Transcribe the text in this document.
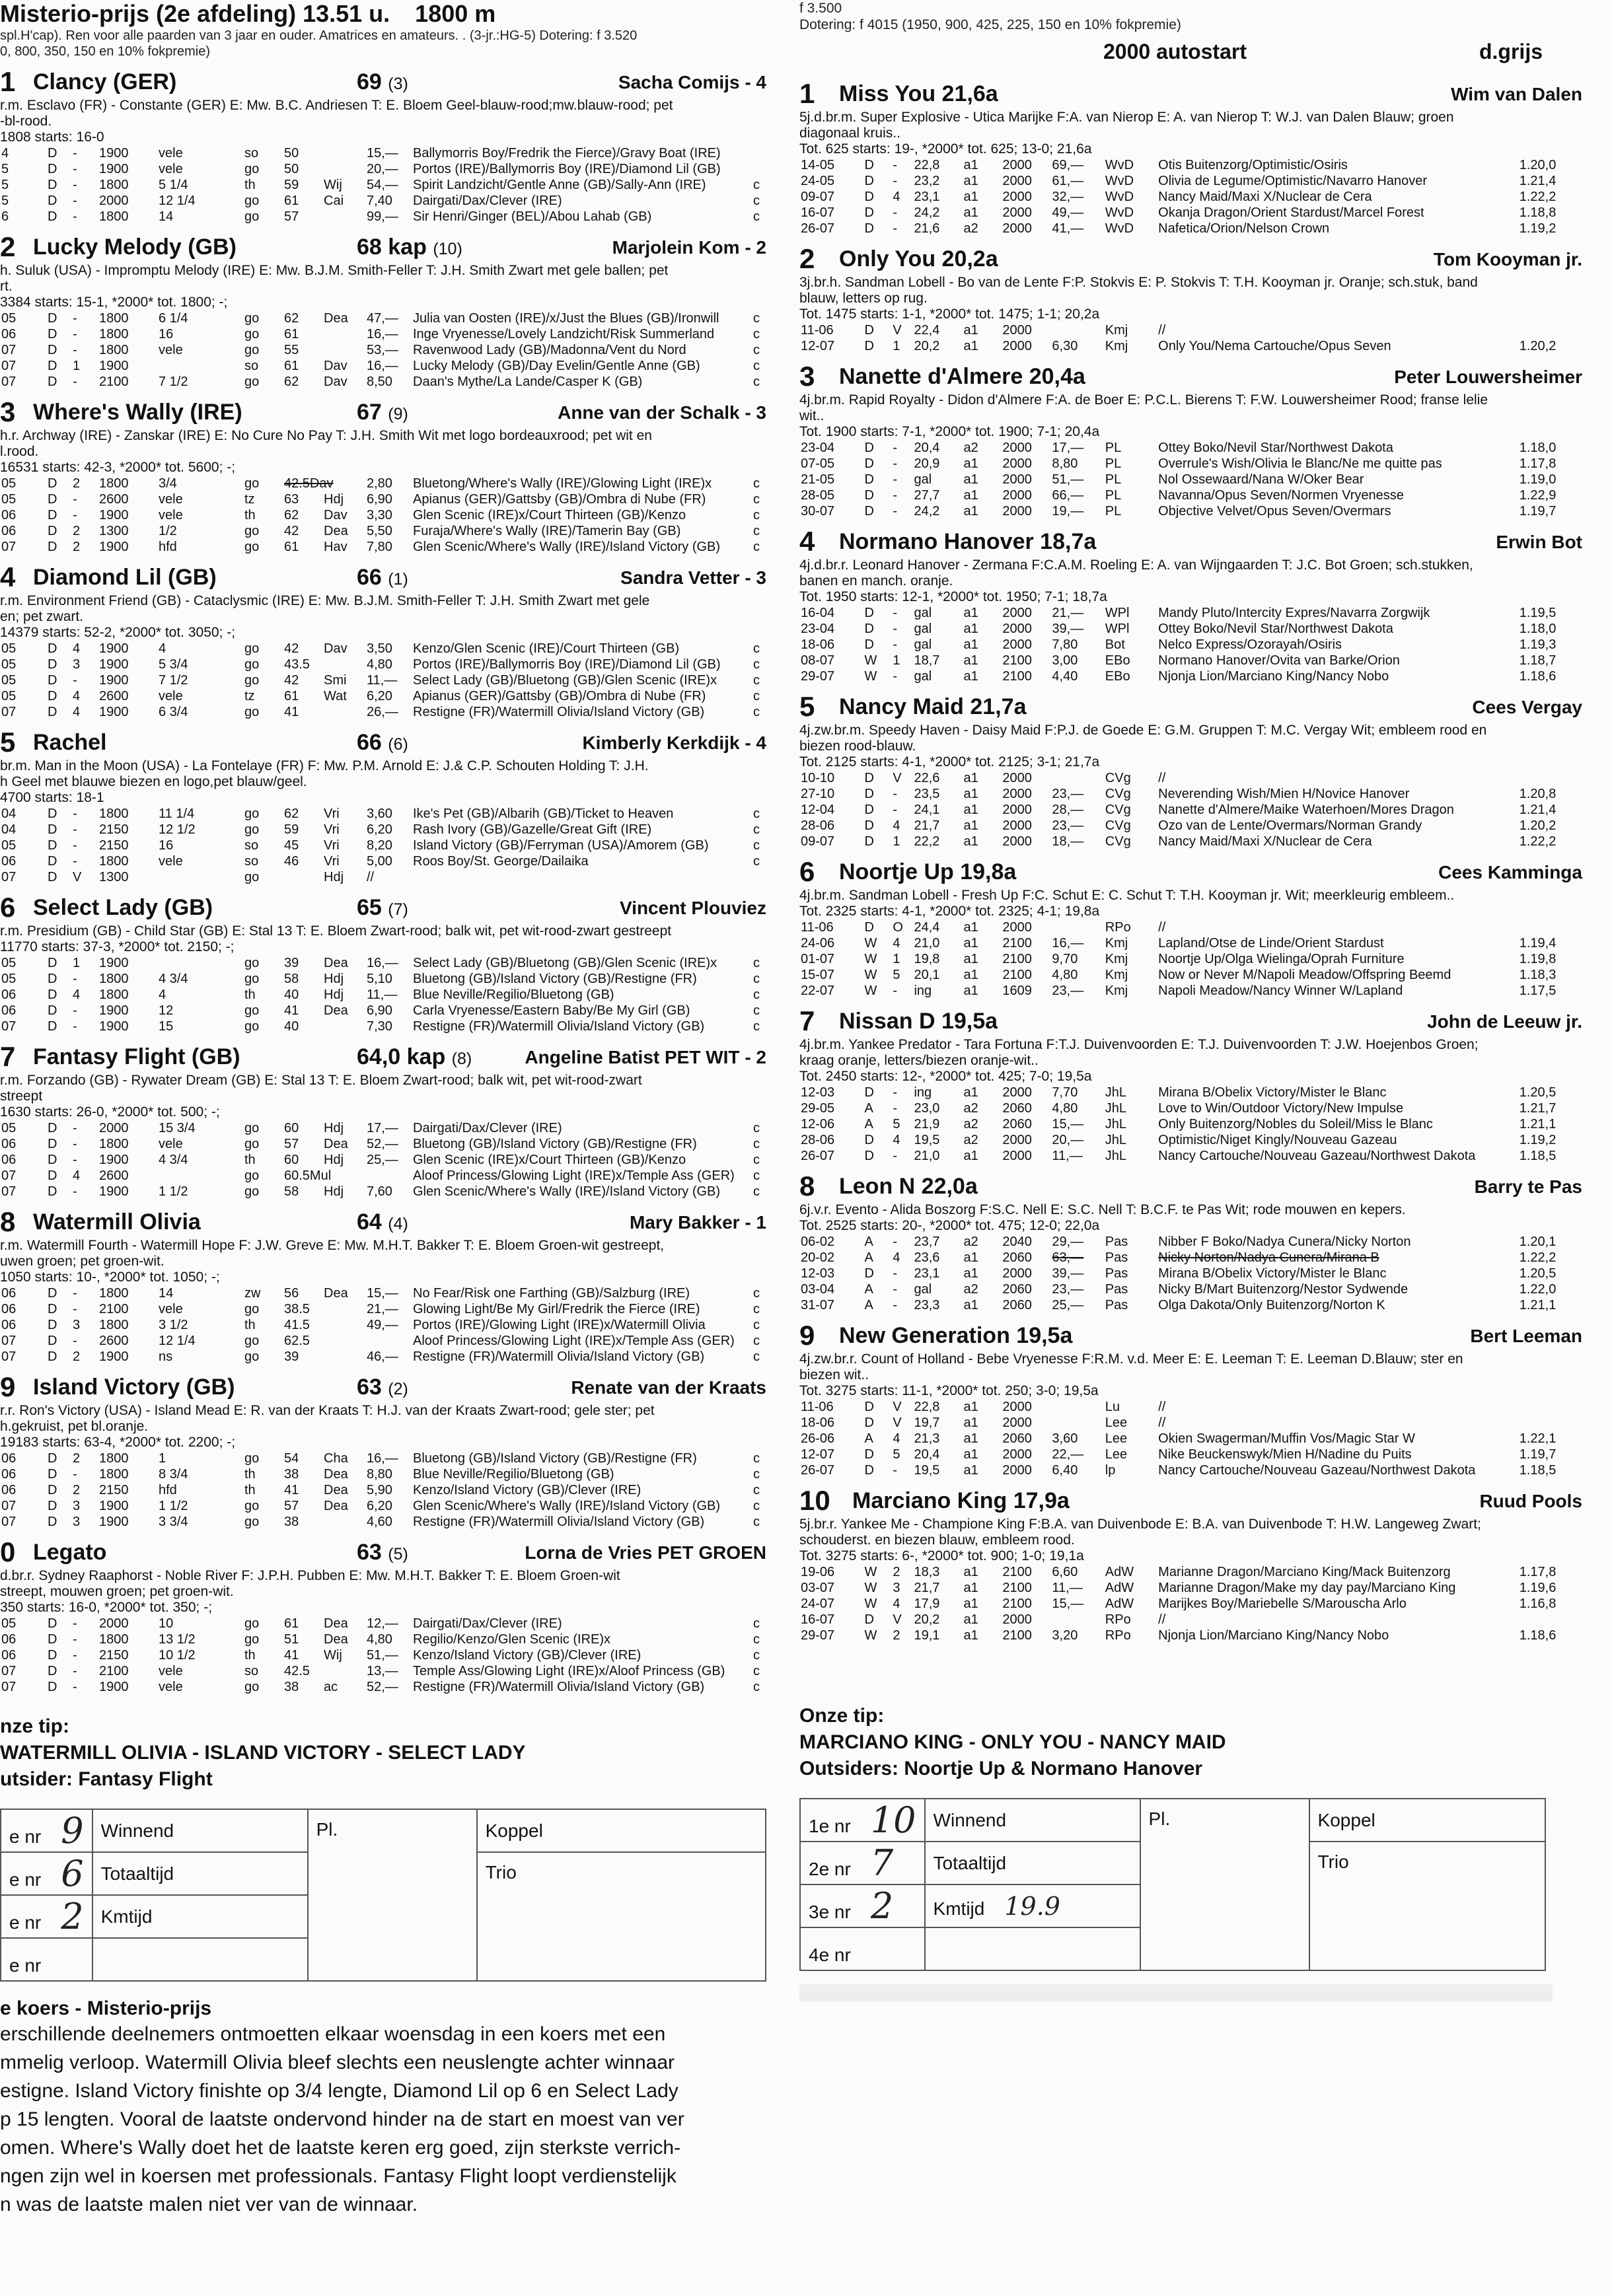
Misterio-prijs (2e afdeling) 13.51 u. 1800 m
spl.H'cap). Ren voor alle paarden van 3 jaar en ouder. Amatrices en amateurs. . (3-jr.:HG-5) Dotering: f 3.520
0, 800, 350, 150 en 10% fokpremie)
1 Clancy (GER)	69 (3)	Sacha Comijs - 4
r.m. Esclavo (FR) - Constante (GER) E: Mw. B.C. Andriesen T: E. Bloem Geel-blauw-rood;mw.blauw-rood; pet
-bl-rood.
1808 starts: 16-0
4	D	-	1900	vele	so	50		15,—	Ballymorris Boy/Fredrik the Fierce)/Gravy Boat (IRE)	
5	D	-	1900	vele	go	50		20,—	Portos (IRE)/Ballymorris Boy (IRE)/Diamond Lil (GB)	
5	D	-	1800	5 1/4	th	59	Wij	54,—	Spirit Landzicht/Gentle Anne (GB)/Sally-Ann (IRE)	c
5	D	-	2000	12 1/4	go	61	Cai	7,40	Dairgati/Dax/Clever (IRE)	c
6	D	-	1800	14	go	57		99,—	Sir Henri/Ginger (BEL)/Abou Lahab (GB)	c
2 Lucky Melody (GB)	68 kap (10)	Marjolein Kom - 2
h. Suluk (USA) - Impromptu Melody (IRE) E: Mw. B.J.M. Smith-Feller T: J.H. Smith Zwart met gele ballen; pet
rt.
3384 starts: 15-1, *2000* tot. 1800; -;
05	D	-	1800	6 1/4	go	62	Dea	47,—	Julia van Oosten (IRE)/x/Just the Blues (GB)/Ironwill	c
06	D	-	1800	16	go	61		16,—	Inge Vryenesse/Lovely Landzicht/Risk Summerland	c
07	D	-	1800	vele	go	55		53,—	Ravenwood Lady (GB)/Madonna/Vent du Nord	c
07	D	1	1900		so	61	Dav	16,—	Lucky Melody (GB)/Day Evelin/Gentle Anne (GB)	c
07	D	-	2100	7 1/2	go	62	Dav	8,50	Daan's Mythe/La Lande/Casper K (GB)	c
3 Where's Wally (IRE)	67 (9)	Anne van der Schalk - 3
h.r. Archway (IRE) - Zanskar (IRE) E: No Cure No Pay T: J.H. Smith Wit met logo bordeauxrood; pet wit en
l.rood.
16531 starts: 42-3, *2000* tot. 5600; -;
05	D	2	1800	3/4	go	42.5Dav		2,80	Bluetong/Where's Wally (IRE)/Glowing Light (IRE)x	c
05	D	-	2600	vele	tz	63	Hdj	6,90	Apianus (GER)/Gattsby (GB)/Ombra di Nube (FR)	c
06	D	-	1900	vele	th	62	Dav	3,30	Glen Scenic (IRE)x/Court Thirteen (GB)/Kenzo	c
06	D	2	1300	1/2	go	42	Dea	5,50	Furaja/Where's Wally (IRE)/Tamerin Bay (GB)	c
07	D	2	1900	hfd	go	61	Hav	7,80	Glen Scenic/Where's Wally (IRE)/Island Victory (GB)	c
4 Diamond Lil (GB)	66 (1)	Sandra Vetter - 3
r.m. Environment Friend (GB) - Cataclysmic (IRE) E: Mw. B.J.M. Smith-Feller T: J.H. Smith Zwart met gele
en; pet zwart.
14379 starts: 52-2, *2000* tot. 3050; -;
05	D	4	1900	4	go	42	Dav	3,50	Kenzo/Glen Scenic (IRE)/Court Thirteen (GB)	c
05	D	3	1900	5 3/4	go	43.5		4,80	Portos (IRE)/Ballymorris Boy (IRE)/Diamond Lil (GB)	c
05	D	-	1900	7 1/2	go	42	Smi	11,—	Select Lady (GB)/Bluetong (GB)/Glen Scenic (IRE)x	c
05	D	4	2600	vele	tz	61	Wat	6,20	Apianus (GER)/Gattsby (GB)/Ombra di Nube (FR)	c
07	D	4	1900	6 3/4	go	41		26,—	Restigne (FR)/Watermill Olivia/Island Victory (GB)	c
5 Rachel	66 (6)	Kimberly Kerkdijk - 4
br.m. Man in the Moon (USA) - La Fontelaye (FR) F: Mw. P.M. Arnold E: J.& C.P. Schouten Holding T: J.H.
h Geel met blauwe biezen en logo,pet blauw/geel.
4700 starts: 18-1
04	D	-	1800	11 1/4	go	62	Vri	3,60	Ike's Pet (GB)/Albarih (GB)/Ticket to Heaven	c
04	D	-	2150	12 1/2	go	59	Vri	6,20	Rash Ivory (GB)/Gazelle/Great Gift (IRE)	c
05	D	-	2150	16	so	45	Vri	8,20	Island Victory (GB)/Ferryman (USA)/Amorem (GB)	c
06	D	-	1800	vele	so	46	Vri	5,00	Roos Boy/St. George/Dailaika	c
07	D	V	1300		go		Hdj	//		
6 Select Lady (GB)	65 (7)	Vincent Plouviez
r.m. Presidium (GB) - Child Star (GB) E: Stal 13 T: E. Bloem Zwart-rood; balk wit, pet wit-rood-zwart gestreept
11770 starts: 37-3, *2000* tot. 2150; -;
05	D	1	1900		go	39	Dea	16,—	Select Lady (GB)/Bluetong (GB)/Glen Scenic (IRE)x	c
05	D	-	1800	4 3/4	go	58	Hdj	5,10	Bluetong (GB)/Island Victory (GB)/Restigne (FR)	c
06	D	4	1800	4	th	40	Hdj	11,—	Blue Neville/Regilio/Bluetong (GB)	c
06	D	-	1900	12	go	41	Dea	6,90	Carla Vryenesse/Eastern Baby/Be My Girl (GB)	c
07	D	-	1900	15	go	40		7,30	Restigne (FR)/Watermill Olivia/Island Victory (GB)	c
7 Fantasy Flight (GB)	64,0 kap (8)	Angeline Batist PET WIT - 2
r.m. Forzando (GB) - Rywater Dream (GB) E: Stal 13 T: E. Bloem Zwart-rood; balk wit, pet wit-rood-zwart
streept
1630 starts: 26-0, *2000* tot. 500; -;
05	D	-	2000	15 3/4	go	60	Hdj	17,—	Dairgati/Dax/Clever (IRE)	c
06	D	-	1800	vele	go	57	Dea	52,—	Bluetong (GB)/Island Victory (GB)/Restigne (FR)	c
06	D	-	1900	4 3/4	th	60	Hdj	25,—	Glen Scenic (IRE)x/Court Thirteen (GB)/Kenzo	c
07	D	4	2600		go	60.5Mul			Aloof Princess/Glowing Light (IRE)x/Temple Ass (GER)	c
07	D	-	1900	1 1/2	go	58	Hdj	7,60	Glen Scenic/Where's Wally (IRE)/Island Victory (GB)	c
8 Watermill Olivia	64 (4)	Mary Bakker - 1
r.m. Watermill Fourth - Watermill Hope F: J.W. Greve E: Mw. M.H.T. Bakker T: E. Bloem Groen-wit gestreept,
uwen groen; pet groen-wit.
1050 starts: 10-, *2000* tot. 1050; -;
06	D	-	1800	14	zw	56	Dea	15,—	No Fear/Risk one Farthing (GB)/Salzburg (IRE)	c
06	D	-	2100	vele	go	38.5		21,—	Glowing Light/Be My Girl/Fredrik the Fierce (IRE)	c
06	D	3	1800	3 1/2	th	41.5		49,—	Portos (IRE)/Glowing Light (IRE)x/Watermill Olivia	c
07	D	-	2600	12 1/4	go	62.5			Aloof Princess/Glowing Light (IRE)x/Temple Ass (GER)	c
07	D	2	1900	ns	go	39		46,—	Restigne (FR)/Watermill Olivia/Island Victory (GB)	c
9 Island Victory (GB)	63 (2)	Renate van der Kraats
r.r. Ron's Victory (USA) - Island Mead E: R. van der Kraats T: H.J. van der Kraats Zwart-rood; gele ster; pet
h.gekruist, pet bl.oranje.
19183 starts: 63-4, *2000* tot. 2200; -;
06	D	2	1800	1	go	54	Cha	16,—	Bluetong (GB)/Island Victory (GB)/Restigne (FR)	c
06	D	-	1800	8 3/4	th	38	Dea	8,80	Blue Neville/Regilio/Bluetong (GB)	c
06	D	2	2150	hfd	th	41	Dea	5,90	Kenzo/Island Victory (GB)/Clever (IRE)	c
07	D	3	1900	1 1/2	go	57	Dea	6,20	Glen Scenic/Where's Wally (IRE)/Island Victory (GB)	c
07	D	3	1900	3 3/4	go	38		4,60	Restigne (FR)/Watermill Olivia/Island Victory (GB)	c
0 Legato	63 (5)	Lorna de Vries PET GROEN
d.br.r. Sydney Raaphorst - Noble River F: J.P.H. Pubben E: Mw. M.H.T. Bakker T: E. Bloem Groen-wit
streept, mouwen groen; pet groen-wit.
350 starts: 16-0, *2000* tot. 350; -;
05	D	-	2000	10	go	61	Dea	12,—	Dairgati/Dax/Clever (IRE)	c
06	D	-	1800	13 1/2	go	51	Dea	4,80	Regilio/Kenzo/Glen Scenic (IRE)x	c
06	D	-	2150	10 1/2	th	41	Wij	51,—	Kenzo/Island Victory (GB)/Clever (IRE)	c
07	D	-	2100	vele	so	42.5		13,—	Temple Ass/Glowing Light (IRE)x/Aloof Princess (GB)	c
07	D	-	1900	vele	go	38	ac	52,—	Restigne (FR)/Watermill Olivia/Island Victory (GB)	c
nze tip:
WATERMILL OLIVIA - ISLAND VICTORY - SELECT LADY
utsider: Fantasy Flight
e nr 9	Winnend	Pl.	Koppel
e nr 6	Totaaltijd		Trio
e nr 2	Kmtijd		
e nr			
e koers - Misterio-prijs
erschillende deelnemers ontmoetten elkaar woensdag in een koers met een
mmelig verloop. Watermill Olivia bleef slechts een neuslengte achter winnaar
estigne. Island Victory finishte op 3/4 lengte, Diamond Lil op 6 en Select Lady
p 15 lengten. Vooral de laatste ondervond hinder na de start en moest van ver
omen. Where's Wally doet het de laatste keren erg goed, zijn sterkste verrich-
ngen zijn wel in koersen met professionals. Fantasy Flight loopt verdienstelijk
n was de laatste malen niet ver van de winnaar.
f 3.500
Dotering: f 4015 (1950, 900, 425, 225, 150 en 10% fokpremie)
2000 autostart	d.grijs
1 Miss You 21,6a	Wim van Dalen
5j.d.br.m. Super Explosive - Utica Marijke F:A. van Nierop E: A. van Nierop T: W.J. van Dalen Blauw; groen
diagonaal kruis..
Tot. 625 starts: 19-, *2000* tot. 625; 13-0; 21,6a
14-05	D	-	22,8	a1	2000	69,—	WvD	Otis Buitenzorg/Optimistic/Osiris	1.20,0
24-05	D	-	23,2	a1	2000	61,—	WvD	Olivia de Legume/Optimistic/Navarro Hanover	1.21,4
09-07	D	4	23,1	a1	2000	32,—	WvD	Nancy Maid/Maxi X/Nuclear de Cera	1.22,2
16-07	D	-	24,2	a1	2000	49,—	WvD	Okanja Dragon/Orient Stardust/Marcel Forest	1.18,8
26-07	D	-	21,6	a2	2000	41,—	WvD	Nafetica/Orion/Nelson Crown	1.19,2
2 Only You 20,2a	Tom Kooyman jr.
3j.br.h. Sandman Lobell - Bo van de Lente F:P. Stokvis E: P. Stokvis T: T.H. Kooyman jr. Oranje; sch.stuk, band
blauw, letters op rug.
Tot. 1475 starts: 1-1, *2000* tot. 1475; 1-1; 20,2a
11-06	D	V	22,4	a1	2000		Kmj	//	
12-07	D	1	20,2	a1	2000	6,30	Kmj	Only You/Nema Cartouche/Opus Seven	1.20,2
3 Nanette d'Almere 20,4a	Peter Louwersheimer
4j.br.m. Rapid Royalty - Didon d'Almere F:A. de Boer E: P.C.L. Bierens T: F.W. Louwersheimer Rood; franse lelie
wit..
Tot. 1900 starts: 7-1, *2000* tot. 1900; 7-1; 20,4a
23-04	D	-	20,4	a2	2000	17,—	PL	Ottey Boko/Nevil Star/Northwest Dakota	1.18,0
07-05	D	-	20,9	a1	2000	8,80	PL	Overrule's Wish/Olivia le Blanc/Ne me quitte pas	1.17,8
21-05	D	-	gal	a1	2000	51,—	PL	Nol Ossewaard/Nana W/Oker Bear	1.19,0
28-05	D	-	27,7	a1	2000	66,—	PL	Navanna/Opus Seven/Normen Vryenesse	1.22,9
30-07	D	-	24,2	a1	2000	19,—	PL	Objective Velvet/Opus Seven/Overmars	1.19,7
4 Normano Hanover 18,7a	Erwin Bot
4j.d.br.r. Leonard Hanover - Zermana F:C.A.M. Roeling E: A. van Wijngaarden T: J.C. Bot Groen; sch.stukken,
banen en manch. oranje.
Tot. 1950 starts: 12-1, *2000* tot. 1950; 7-1; 18,7a
16-04	D	-	gal	a1	2000	21,—	WPl	Mandy Pluto/Intercity Expres/Navarra Zorgwijk	1.19,5
23-04	D	-	gal	a1	2000	39,—	WPl	Ottey Boko/Nevil Star/Northwest Dakota	1.18,0
18-06	D	-	gal	a1	2000	7,80	Bot	Nelco Express/Ozorayah/Osiris	1.19,3
08-07	W	1	18,7	a1	2100	3,00	EBo	Normano Hanover/Ovita van Barke/Orion	1.18,7
29-07	W	-	gal	a1	2100	4,40	EBo	Njonja Lion/Marciano King/Nancy Nobo	1.18,6
5 Nancy Maid 21,7a	Cees Vergay
4j.zw.br.m. Speedy Haven - Daisy Maid F:P.J. de Goede E: G.M. Gruppen T: M.C. Vergay Wit; embleem rood en
biezen rood-blauw.
Tot. 2125 starts: 4-1, *2000* tot. 2125; 3-1; 21,7a
10-10	D	V	22,6	a1	2000		CVg	//	
27-10	D	-	23,5	a1	2000	23,—	CVg	Neverending Wish/Mien H/Novice Hanover	1.20,8
12-04	D	-	24,1	a1	2000	28,—	CVg	Nanette d'Almere/Maike Waterhoen/Mores Dragon	1.21,4
28-06	D	4	21,7	a1	2000	23,—	CVg	Ozo van de Lente/Overmars/Norman Grandy	1.20,2
09-07	D	1	22,2	a1	2000	18,—	CVg	Nancy Maid/Maxi X/Nuclear de Cera	1.22,2
6 Noortje Up 19,8a	Cees Kamminga
4j.br.m. Sandman Lobell - Fresh Up F:C. Schut E: C. Schut T: T.H. Kooyman jr. Wit; meerkleurig embleem..
Tot. 2325 starts: 4-1, *2000* tot. 2325; 4-1; 19,8a
11-06	D	O	24,4	a1	2000		RPo	//	
24-06	W	4	21,0	a1	2100	16,—	Kmj	Lapland/Otse de Linde/Orient Stardust	1.19,4
01-07	W	1	19,8	a1	2100	9,70	Kmj	Noortje Up/Olga Wielinga/Oprah Furniture	1.19,8
15-07	W	5	20,1	a1	2100	4,80	Kmj	Now or Never M/Napoli Meadow/Offspring Beemd	1.18,3
22-07	W	-	ing	a1	1609	23,—	Kmj	Napoli Meadow/Nancy Winner W/Lapland	1.17,5
7 Nissan D 19,5a	John de Leeuw jr.
4j.br.m. Yankee Predator - Tara Fortuna F:T.J. Duivenvoorden E: T.J. Duivenvoorden T: J.W. Hoejenbos Groen;
kraag oranje, letters/biezen oranje-wit..
Tot. 2450 starts: 12-, *2000* tot. 425; 7-0; 19,5a
12-03	D	-	ing	a1	2000	7,70	JhL	Mirana B/Obelix Victory/Mister le Blanc	1.20,5
29-05	A	-	23,0	a2	2060	4,80	JhL	Love to Win/Outdoor Victory/New Impulse	1.21,7
12-06	A	5	21,9	a2	2060	15,—	JhL	Only Buitenzorg/Nobles du Soleil/Miss le Blanc	1.21,1
28-06	D	4	19,5	a2	2000	20,—	JhL	Optimistic/Niget Kingly/Nouveau Gazeau	1.19,2
26-07	D	-	21,0	a1	2000	11,—	JhL	Nancy Cartouche/Nouveau Gazeau/Northwest Dakota	1.18,5
8 Leon N 22,0a	Barry te Pas
6j.v.r. Evento - Alida Boszorg F:S.C. Nell E: S.C. Nell T: B.C.F. te Pas Wit; rode mouwen en kepers.
Tot. 2525 starts: 20-, *2000* tot. 475; 12-0; 22,0a
06-02	A	-	23,7	a2	2040	29,—	Pas	Nibber F Boko/Nadya Cunera/Nicky Norton	1.20,1
20-02	A	4	23,6	a1	2060	63,—	Pas	Nicky Norton/Nadya Cunera/Mirana B	1.22,2
12-03	D	-	23,1	a1	2000	39,—	Pas	Mirana B/Obelix Victory/Mister le Blanc	1.20,5
03-04	A	-	gal	a2	2060	23,—	Pas	Nicky B/Mart Buitenzorg/Nestor Sydwende	1.22,0
31-07	A	-	23,3	a1	2060	25,—	Pas	Olga Dakota/Only Buitenzorg/Norton K	1.21,1
9 New Generation 19,5a	Bert Leeman
4j.zw.br.r. Count of Holland - Bebe Vryenesse F:R.M. v.d. Meer E: E. Leeman T: E. Leeman D.Blauw; ster en
biezen wit..
Tot. 3275 starts: 11-1, *2000* tot. 250; 3-0; 19,5a
11-06	D	V	22,8	a1	2000		Lu	//	
18-06	D	V	19,7	a1	2000		Lee	//	
26-06	A	4	21,3	a1	2060	3,60	Lee	Okien Swagerman/Muffin Vos/Magic Star W	1.22,1
12-07	D	5	20,4	a1	2000	22,—	Lee	Nike Beuckenswyk/Mien H/Nadine du Puits	1.19,7
26-07	D	-	19,5	a1	2000	6,40	lp	Nancy Cartouche/Nouveau Gazeau/Northwest Dakota	1.18,5
10 Marciano King 17,9a	Ruud Pools
5j.br.r. Yankee Me - Champione King F:B.A. van Duivenbode E: B.A. van Duivenbode T: H.W. Langeweg Zwart;
schouderst. en biezen blauw, embleem rood.
Tot. 3275 starts: 6-, *2000* tot. 900; 1-0; 19,1a
19-06	W	2	18,3	a1	2100	6,60	AdW	Marianne Dragon/Marciano King/Mack Buitenzorg	1.17,8
03-07	W	3	21,7	a1	2100	11,—	AdW	Marianne Dragon/Make my day pay/Marciano King	1.19,6
24-07	W	4	17,9	a1	2100	15,—	AdW	Marijkes Boy/Mariebelle S/Marouscha Arlo	1.16,8
16-07	D	V	20,2	a1	2000		RPo	//	
29-07	W	2	19,1	a1	2100	3,20	RPo	Njonja Lion/Marciano King/Nancy Nobo	1.18,6
Onze tip:
MARCIANO KING - ONLY YOU - NANCY MAID
Outsiders: Noortje Up & Normano Hanover
1e nr 10	Winnend	Pl.	Koppel
2e nr 7	Totaaltijd		Trio
3e nr 2	Kmtijd 19.9		
4e nr			
